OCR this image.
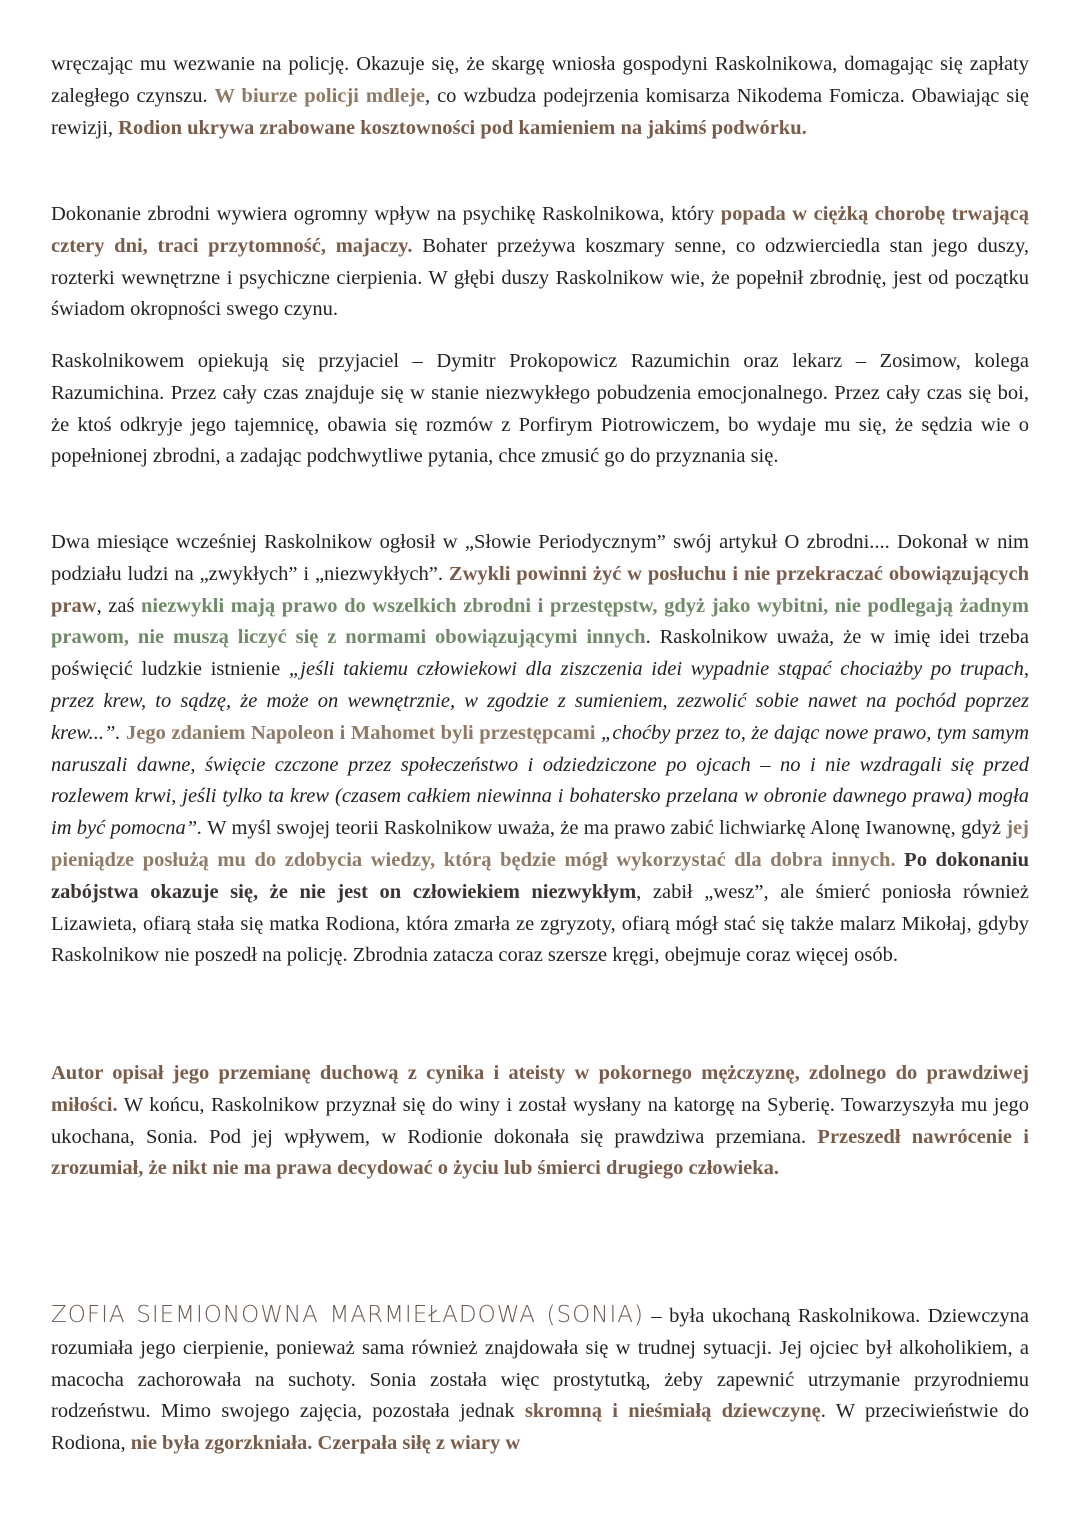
wręczając mu wezwanie na policję. Okazuje się, że skargę wniosła gospodyni Raskolnikowa, domagając się zapłaty zaległego czynszu. W biurze policji mdleje, co wzbudza podejrzenia komisarza Nikodema Fomicza. Obawiając się rewizji, Rodion ukrywa zrabowane kosztowności pod kamieniem na jakimś podwórku.

Dokonanie zbrodni wywiera ogromny wpływ na psychikę Raskolnikowa, który popada w ciężką chorobę trwającą cztery dni, traci przytomność, majaczy. Bohater przeżywa koszmary senne, co odzwierciedla stan jego duszy, rozterki wewnętrzne i psychiczne cierpienia. W głębi duszy Raskolnikow wie, że popełnił zbrodnię, jest od początku świadom okropności swego czynu.

Raskolnikowem opiekują się przyjaciel – Dymitr Prokopowicz Razumichin oraz lekarz – Zosimow, kolega Razumichina. Przez cały czas znajduje się w stanie niezwykłego pobudzenia emocjonalnego. Przez cały czas się boi, że ktoś odkryje jego tajemnicę, obawia się rozmów z Porfirym Piotrowiczem, bo wydaje mu się, że sędzia wie o popełnionej zbrodni, a zadając podchwytliwe pytania, chce zmusić go do przyznania się.

Dwa miesiące wcześniej Raskolnikow ogłosił w „Słowie Periodycznym” swój artykuł O zbrodni.... Dokonał w nim podziału ludzi na „zwykłych” i „niezwykłych”. Zwykli powinni żyć w posłuchu i nie przekraczać obowiązujących praw, zaś niezwykli mają prawo do wszelkich zbrodni i przestępstw, gdyż jako wybitni, nie podlegają żadnym prawom, nie muszą liczyć się z normami obowiązującymi innych. Raskolnikow uważa, że w imię idei trzeba poświęcić ludzkie istnienie „jeśli takiemu człowiekowi dla ziszczenia idei wypadnie stąpać chociażby po trupach, przez krew, to sądzę, że może on wewnętrznie, w zgodzie z sumieniem, zezwolić sobie nawet na pochód poprzez krew...”. Jego zdaniem Napoleon i Mahomet byli przestępcami „choćby przez to, że dając nowe prawo, tym samym naruszali dawne, święcie czczone przez społeczeństwo i odziedziczone po ojcach – no i nie wzdragali się przed rozlewem krwi, jeśli tylko ta krew (czasem całkiem niewinna i bohatersko przelana w obronie dawnego prawa) mogła im być pomocna”. W myśl swojej teorii Raskolnikow uważa, że ma prawo zabić lichwiarkę Alonę Iwanownę, gdyż jej pieniądze posłużą mu do zdobycia wiedzy, którą będzie mógł wykorzystać dla dobra innych. Po dokonaniu zabójstwa okazuje się, że nie jest on człowiekiem niezwykłym, zabił „wesz”, ale śmierć poniosła również Lizawieta, ofiarą stała się matka Rodiona, która zmarła ze zgryzoty, ofiarą mógł stać się także malarz Mikołaj, gdyby Raskolnikow nie poszedł na policję. Zbrodnia zatacza coraz szersze kręgi, obejmuje coraz więcej osób.

Autor opisał jego przemianę duchową z cynika i ateisty w pokornego mężczyznę, zdolnego do prawdziwej miłości. W końcu, Raskolnikow przyznał się do winy i został wysłany na katorgę na Syberię. Towarzyszyła mu jego ukochana, Sonia. Pod jej wpływem, w Rodionie dokonała się prawdziwa przemiana. Przeszedł nawrócenie i zrozumiał, że nikt nie ma prawa decydować o życiu lub śmierci drugiego człowieka.

ZOFIA SIEMIONOWNA MARMIEŁADOWA (SONIA) – była ukochaną Raskolnikowa. Dziewczyna rozumiała jego cierpienie, ponieważ sama również znajdowała się w trudnej sytuacji. Jej ojciec był alkoholikiem, a macocha zachorowała na suchoty. Sonia została więc prostytutką, żeby zapewnić utrzymanie przyrodniemu rodzeństwu. Mimo swojego zajęcia, pozostała jednak skromną i nieśmiałą dziewczynę. W przeciwieństwie do Rodiona, nie była zgorzkniała. Czerpała siłę z wiary w
